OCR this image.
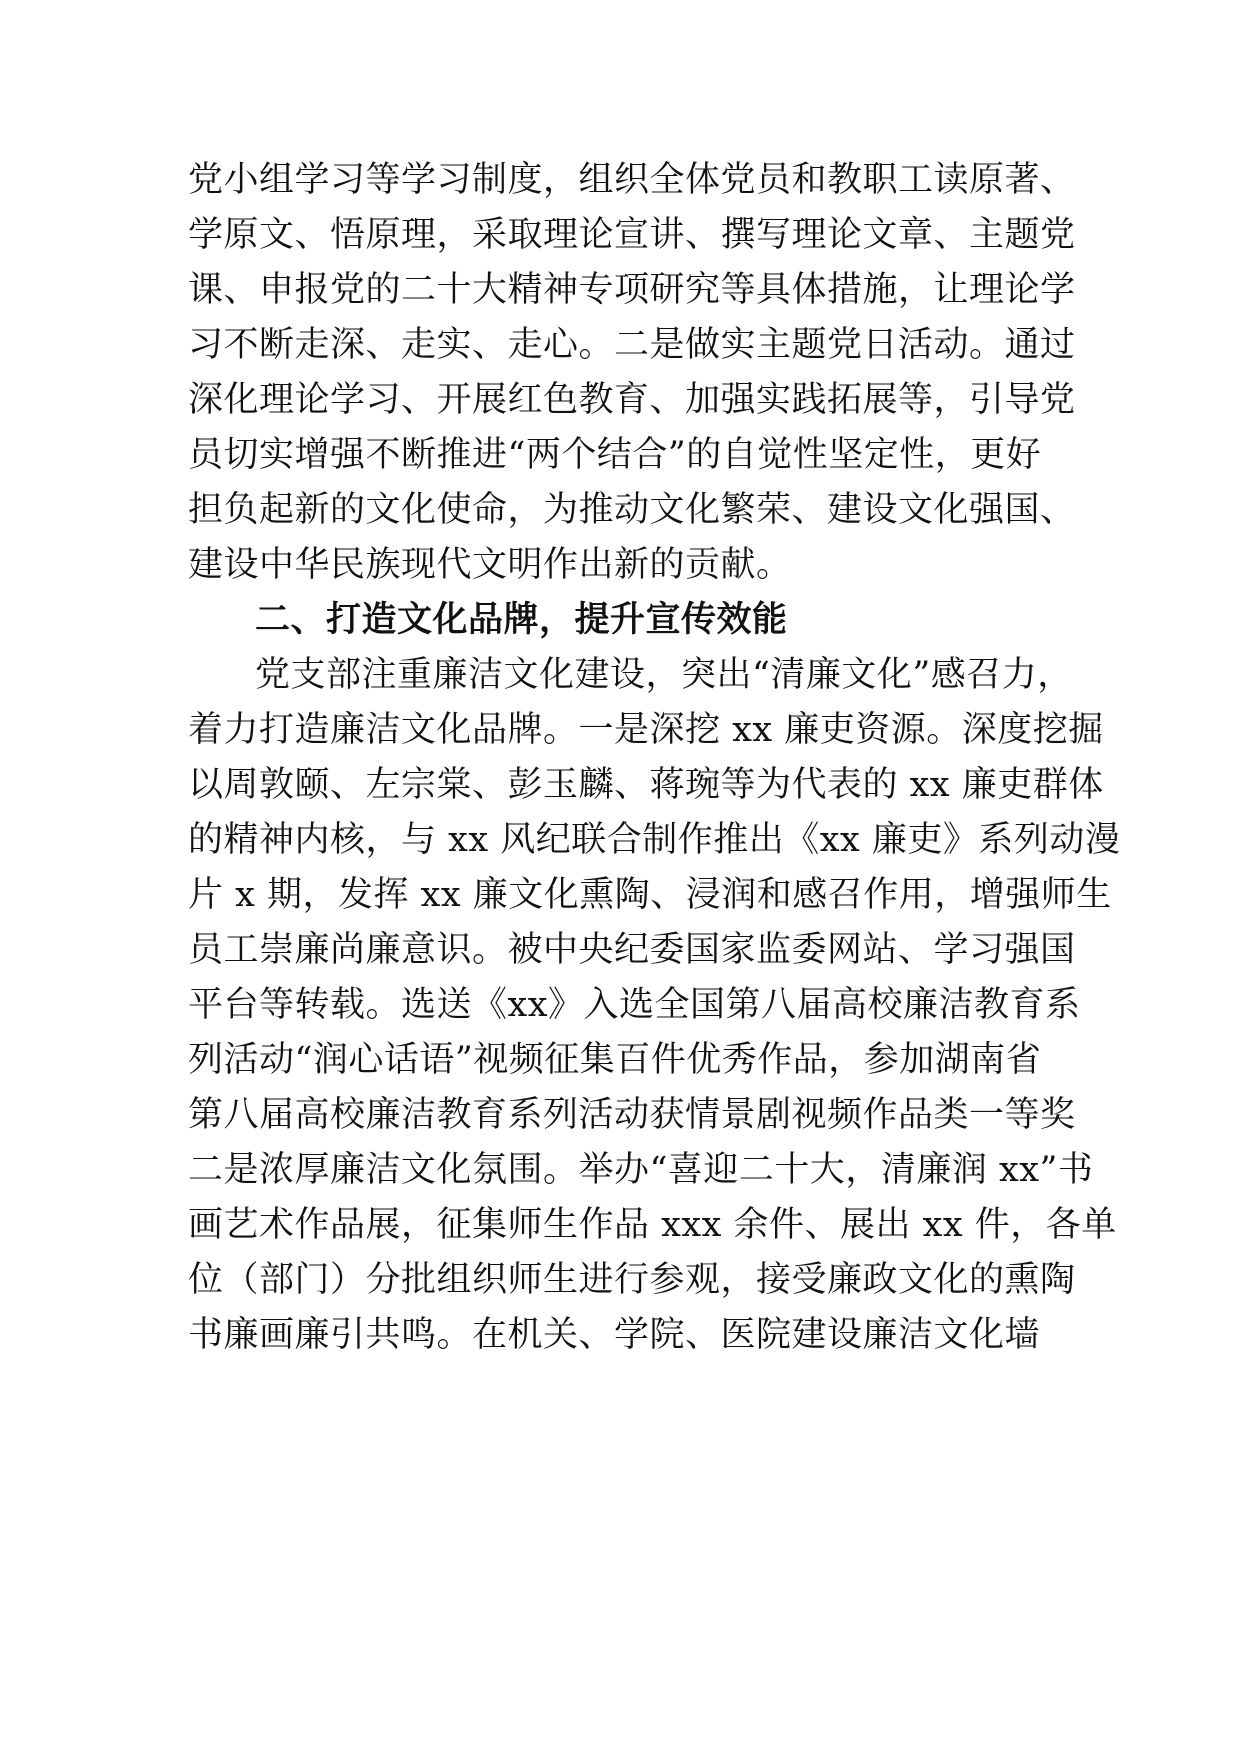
党小组学习等学习制度，组织全体党员和教职工读原著、
学原文、悟原理，采取理论宣讲、撰写理论文章、主题党
课、申报党的二十大精神专项研究等具体措施，让理论学
习不断走深、走实、走心。二是做实主题党日活动。通过
深化理论学习、开展红色教育、加强实践拓展等，引导党
员切实增强不断推进“两个结合”的自觉性坚定性，更好
担负起新的文化使命，为推动文化繁荣、建设文化强国、
建设中华民族现代文明作出新的贡献。
二、打造文化品牌，提升宣传效能
党支部注重廉洁文化建设，突出“清廉文化”感召力，
着力打造廉洁文化品牌。一是深挖 xx 廉吏资源。深度挖掘
以周敦颐、左宗棠、彭玉麟、蒋琬等为代表的 xx 廉吏群体
的精神内核，与 xx 风纪联合制作推出《xx 廉吏》系列动漫
片 x 期，发挥 xx 廉文化熏陶、浸润和感召作用，增强师生
员工崇廉尚廉意识。被中央纪委国家监委网站、学习强国
平台等转载。选送《xx》入选全国第八届高校廉洁教育系
列活动“润心话语”视频征集百件优秀作品，参加湖南省
第八届高校廉洁教育系列活动获情景剧视频作品类一等奖
二是浓厚廉洁文化氛围。举办“喜迎二十大，清廉润 xx”书
画艺术作品展，征集师生作品 xxx 余件、展出 xx 件，各单
位（部门）分批组织师生进行参观，接受廉政文化的熏陶
书廉画廉引共鸣。在机关、学院、医院建设廉洁文化墙
